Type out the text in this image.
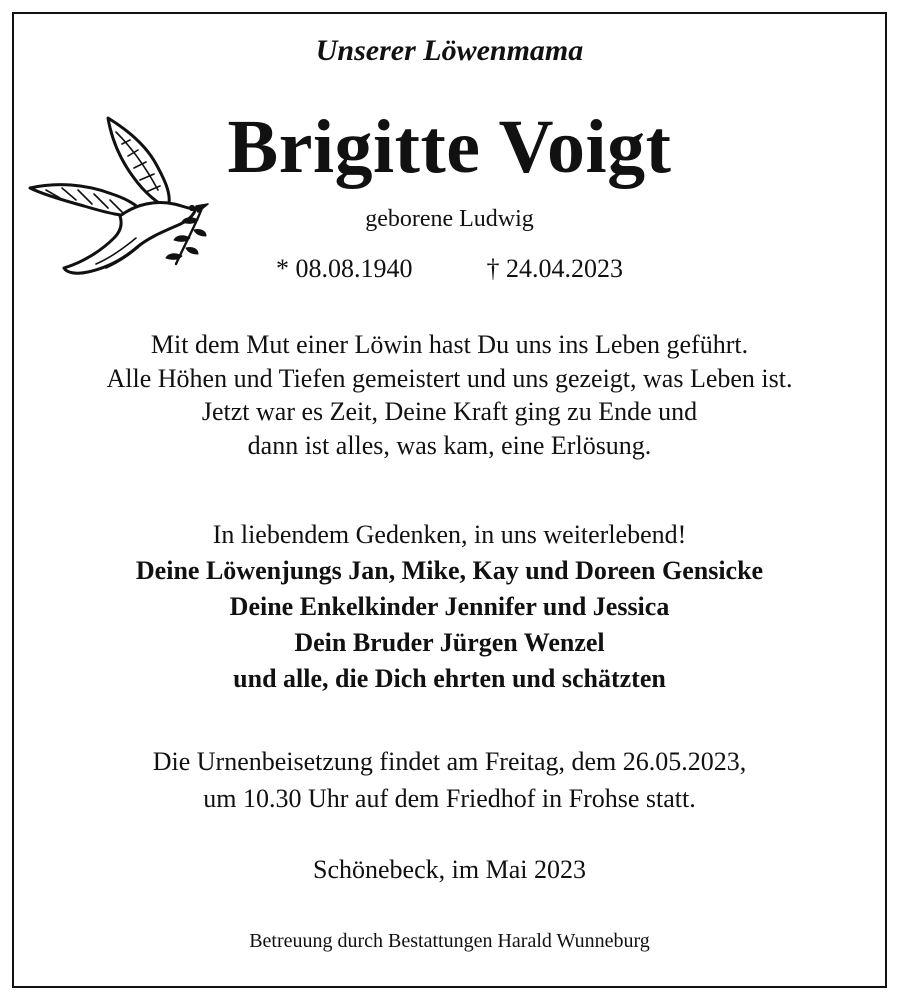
Unserer Löwenmama
Brigitte Voigt
geborene Ludwig
* 08.08.1940	† 24.04.2023
Mit dem Mut einer Löwin hast Du uns ins Leben geführt.
Alle Höhen und Tiefen gemeistert und uns gezeigt, was Leben ist.
Jetzt war es Zeit, Deine Kraft ging zu Ende und
dann ist alles, was kam, eine Erlösung.
In liebendem Gedenken, in uns weiterlebend!
Deine Löwenjungs Jan, Mike, Kay und Doreen Gensicke
Deine Enkelkinder Jennifer und Jessica
Dein Bruder Jürgen Wenzel
und alle, die Dich ehrten und schätzten
Die Urnenbeisetzung findet am Freitag, dem 26.05.2023,
um 10.30 Uhr auf dem Friedhof in Frohse statt.
Schönebeck, im Mai 2023
Betreuung durch Bestattungen Harald Wunneburg
